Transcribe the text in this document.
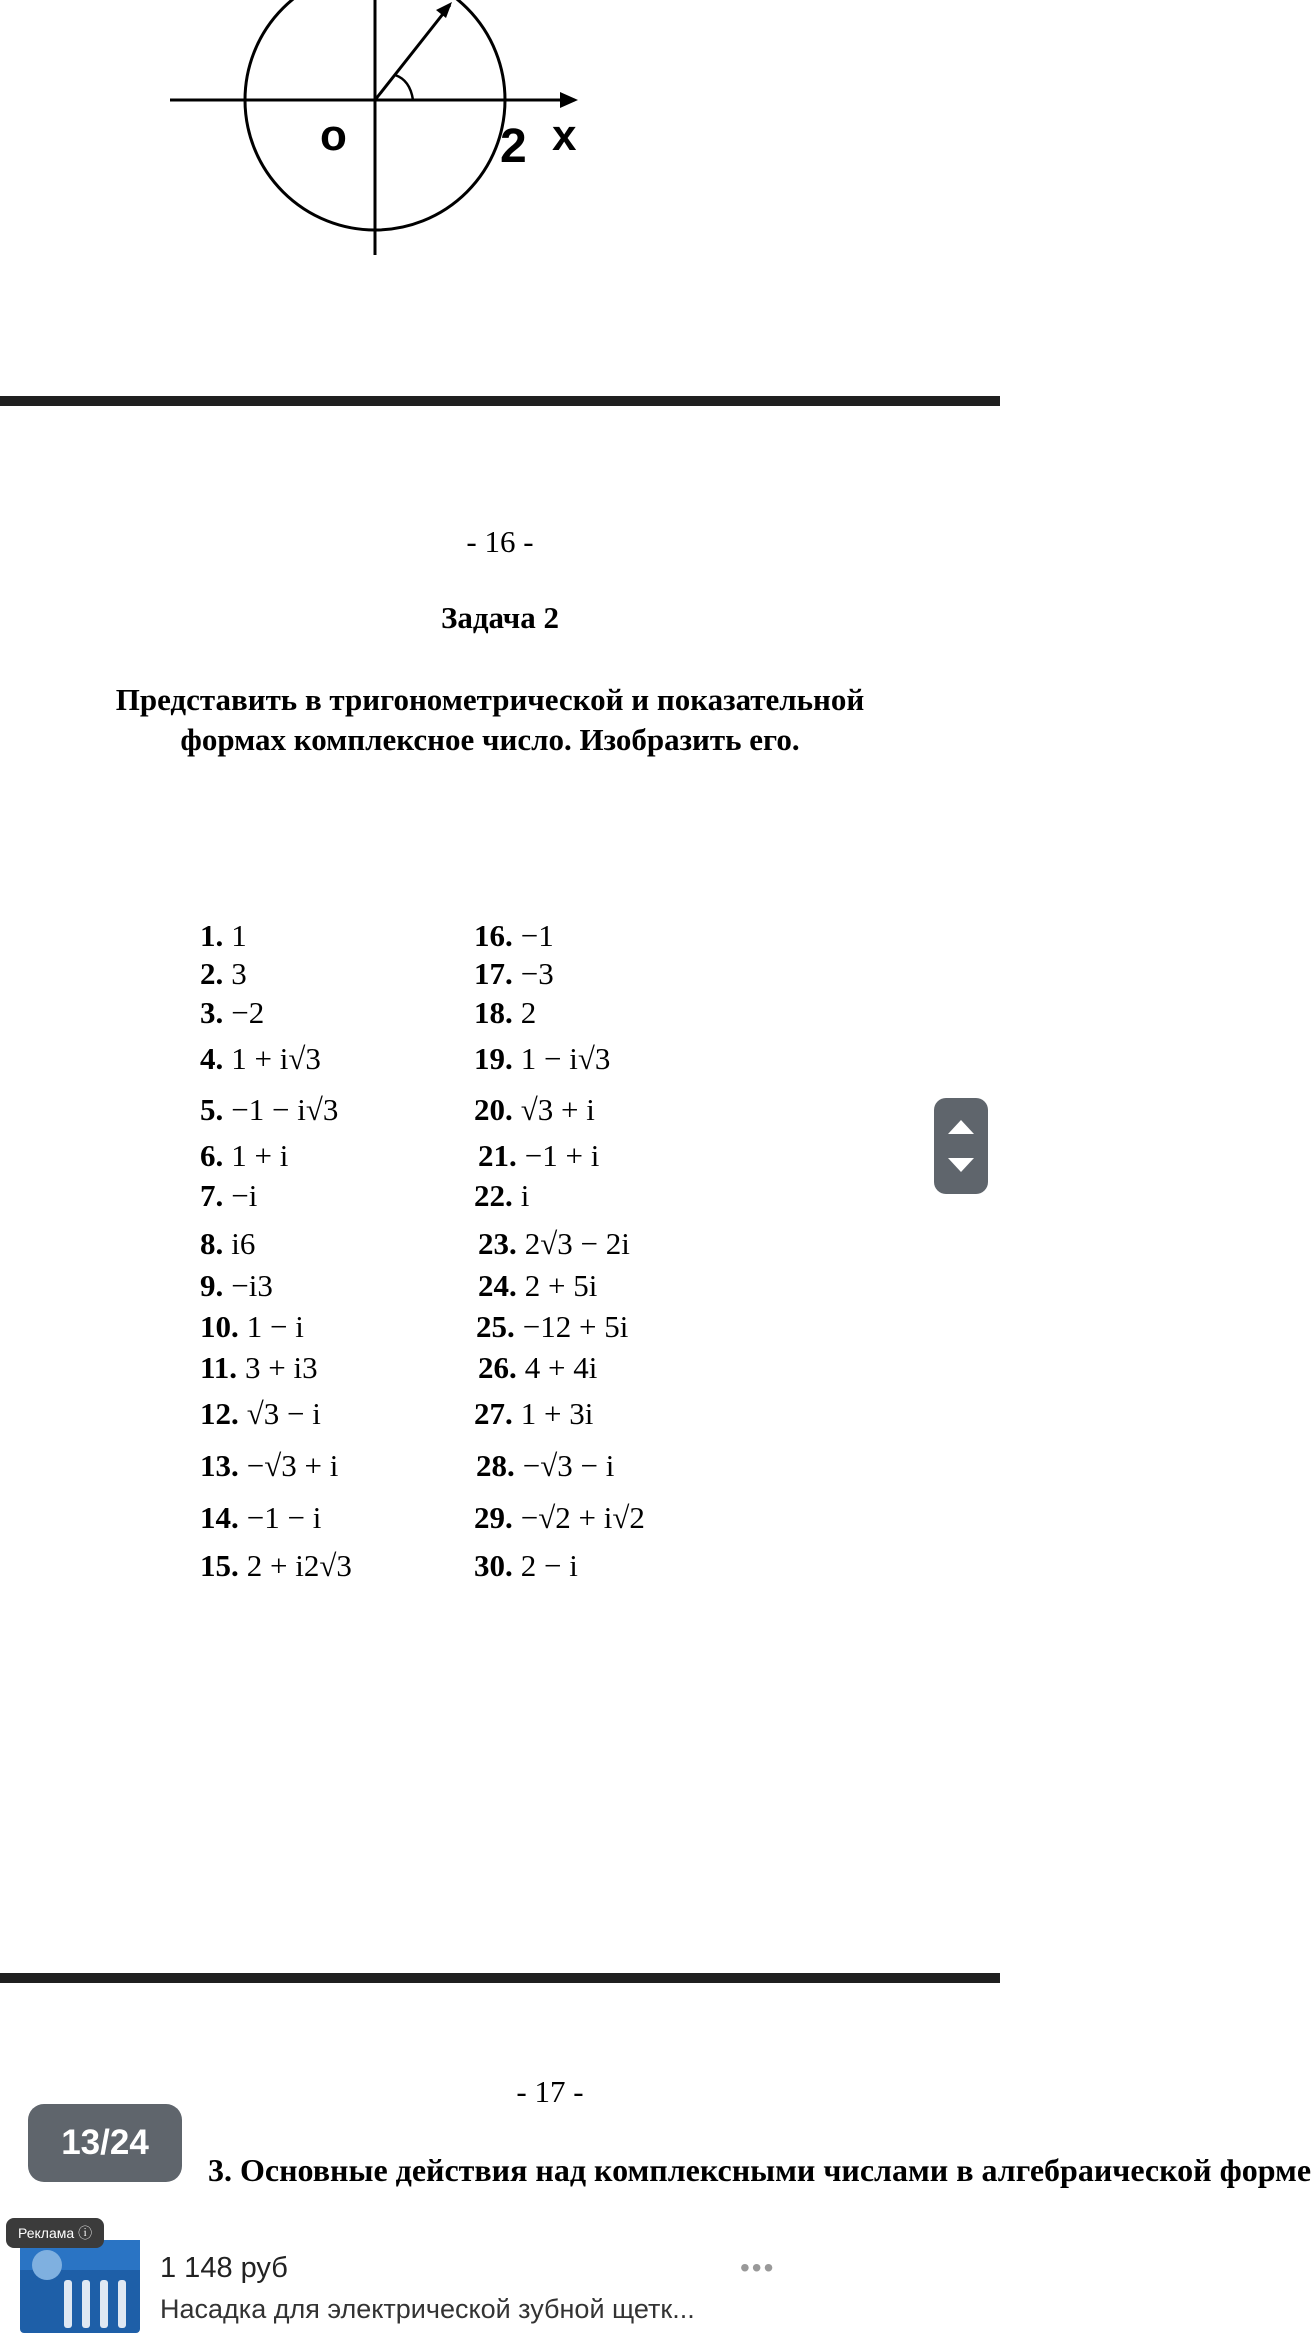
o	2 x
- 16 -
Задача 2
Представить в тригонометрической и показательной формах комплексное число. Изобразить его.
1. 1
2. 3
3. −2
4. 1 + i√3
5. −1 − i√3
6. 1 + i
7. −i
8. i6
9. −i3
10. 1 − i
11. 3 + i3
12. √3 − i
13. −√3 + i
14. −1 − i
15. 2 + i2√3
16. −1
17. −3
18. 2
19. 1 − i√3
20. √3 + i
21. −1 + i
22. i
23. 2√3 − 2i
24. 2 + 5i
25. −12 + 5i
26. 4 + 4i
27. 1 + 3i
28. −√3 − i
29. −√2 + i√2
30. 2 − i
- 17 -
3. Основные действия над комплексными числами в алгебраической форме
13/24
Реклама ⓘ
1 148 руб
Насадка для электрической зубной щетк...
•••
